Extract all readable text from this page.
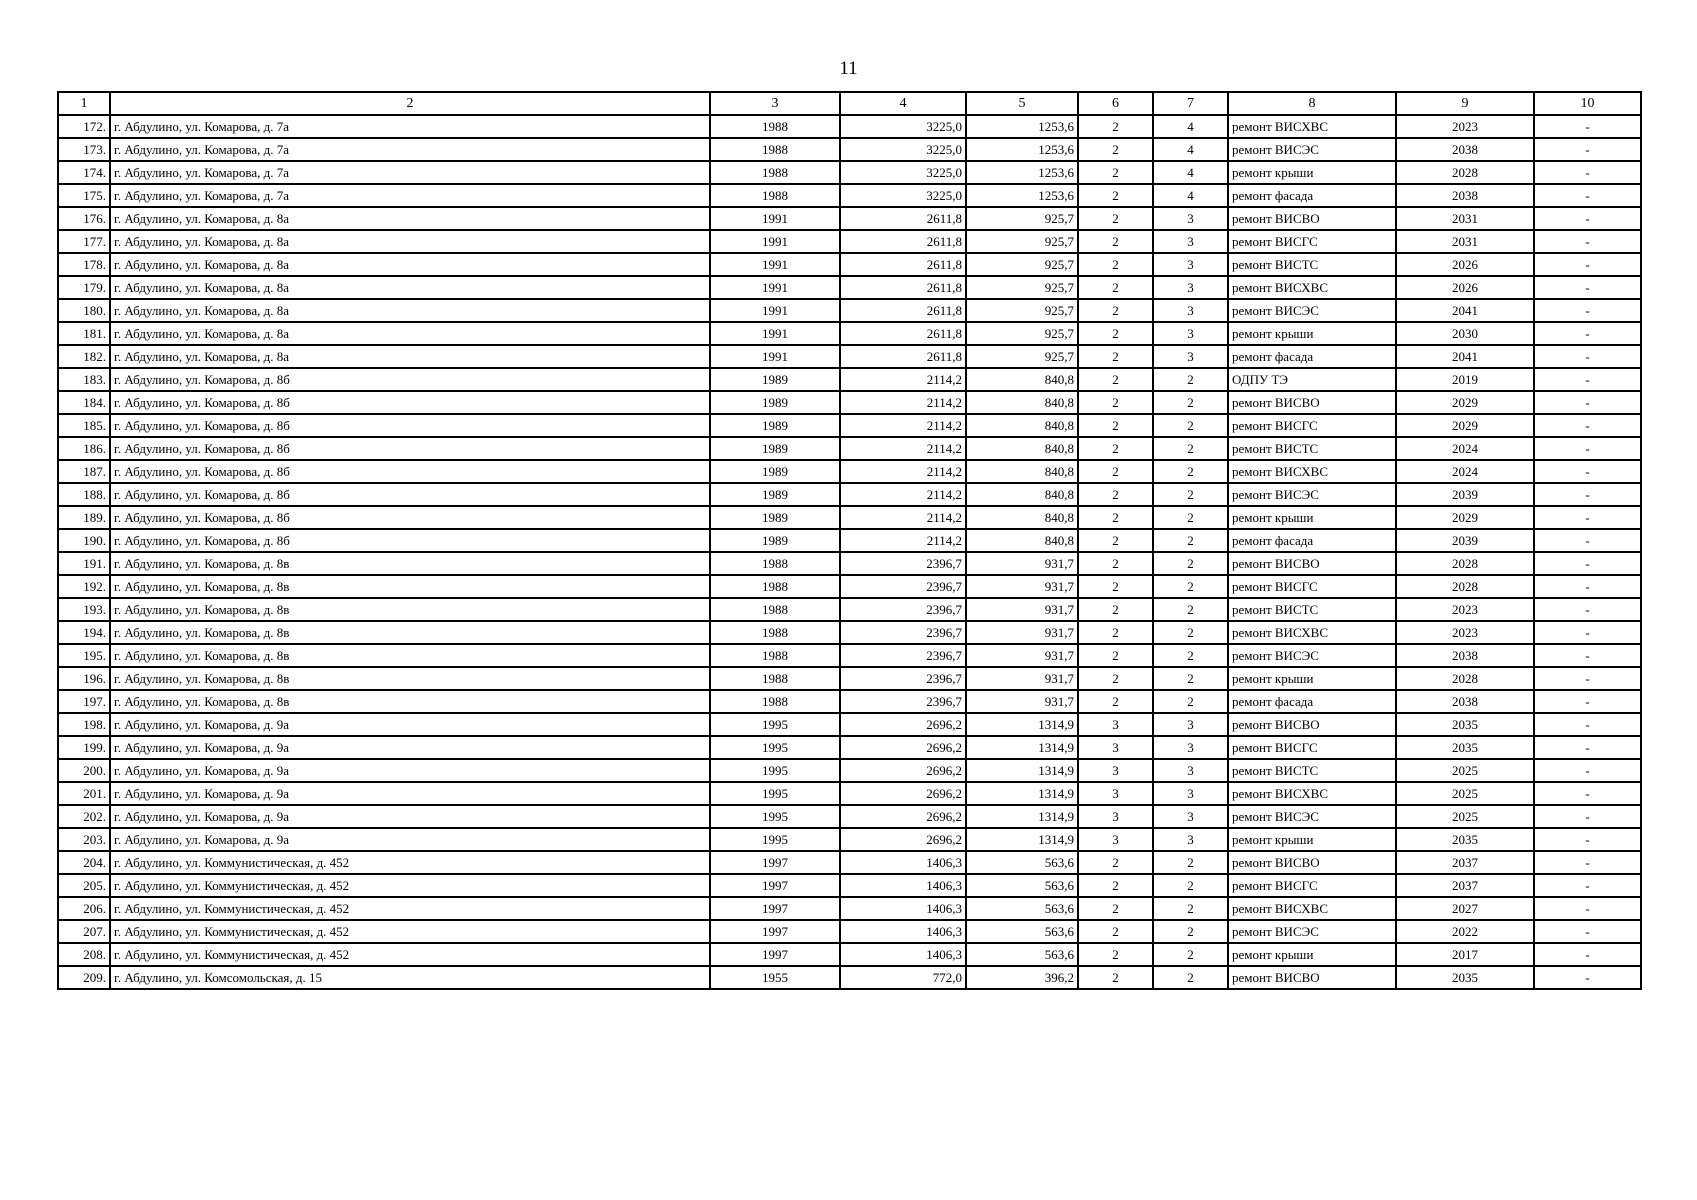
11
1	2	3	4	5	6	7	8	9	10
172.	г. Абдулино, ул. Комарова, д. 7а	1988	3225,0	1253,6	2	4	ремонт ВИСХВС	2023	-
173.	г. Абдулино, ул. Комарова, д. 7а	1988	3225,0	1253,6	2	4	ремонт ВИСЭС	2038	-
174.	г. Абдулино, ул. Комарова, д. 7а	1988	3225,0	1253,6	2	4	ремонт крыши	2028	-
175.	г. Абдулино, ул. Комарова, д. 7а	1988	3225,0	1253,6	2	4	ремонт фасада	2038	-
176.	г. Абдулино, ул. Комарова, д. 8а	1991	2611,8	925,7	2	3	ремонт ВИСВО	2031	-
177.	г. Абдулино, ул. Комарова, д. 8а	1991	2611,8	925,7	2	3	ремонт ВИСГС	2031	-
178.	г. Абдулино, ул. Комарова, д. 8а	1991	2611,8	925,7	2	3	ремонт ВИСТС	2026	-
179.	г. Абдулино, ул. Комарова, д. 8а	1991	2611,8	925,7	2	3	ремонт ВИСХВС	2026	-
180.	г. Абдулино, ул. Комарова, д. 8а	1991	2611,8	925,7	2	3	ремонт ВИСЭС	2041	-
181.	г. Абдулино, ул. Комарова, д. 8а	1991	2611,8	925,7	2	3	ремонт крыши	2030	-
182.	г. Абдулино, ул. Комарова, д. 8а	1991	2611,8	925,7	2	3	ремонт фасада	2041	-
183.	г. Абдулино, ул. Комарова, д. 8б	1989	2114,2	840,8	2	2	ОДПУ ТЭ	2019	-
184.	г. Абдулино, ул. Комарова, д. 8б	1989	2114,2	840,8	2	2	ремонт ВИСВО	2029	-
185.	г. Абдулино, ул. Комарова, д. 8б	1989	2114,2	840,8	2	2	ремонт ВИСГС	2029	-
186.	г. Абдулино, ул. Комарова, д. 8б	1989	2114,2	840,8	2	2	ремонт ВИСТС	2024	-
187.	г. Абдулино, ул. Комарова, д. 8б	1989	2114,2	840,8	2	2	ремонт ВИСХВС	2024	-
188.	г. Абдулино, ул. Комарова, д. 8б	1989	2114,2	840,8	2	2	ремонт ВИСЭС	2039	-
189.	г. Абдулино, ул. Комарова, д. 8б	1989	2114,2	840,8	2	2	ремонт крыши	2029	-
190.	г. Абдулино, ул. Комарова, д. 8б	1989	2114,2	840,8	2	2	ремонт фасада	2039	-
191.	г. Абдулино, ул. Комарова, д. 8в	1988	2396,7	931,7	2	2	ремонт ВИСВО	2028	-
192.	г. Абдулино, ул. Комарова, д. 8в	1988	2396,7	931,7	2	2	ремонт ВИСГС	2028	-
193.	г. Абдулино, ул. Комарова, д. 8в	1988	2396,7	931,7	2	2	ремонт ВИСТС	2023	-
194.	г. Абдулино, ул. Комарова, д. 8в	1988	2396,7	931,7	2	2	ремонт ВИСХВС	2023	-
195.	г. Абдулино, ул. Комарова, д. 8в	1988	2396,7	931,7	2	2	ремонт ВИСЭС	2038	-
196.	г. Абдулино, ул. Комарова, д. 8в	1988	2396,7	931,7	2	2	ремонт крыши	2028	-
197.	г. Абдулино, ул. Комарова, д. 8в	1988	2396,7	931,7	2	2	ремонт фасада	2038	-
198.	г. Абдулино, ул. Комарова, д. 9а	1995	2696,2	1314,9	3	3	ремонт ВИСВО	2035	-
199.	г. Абдулино, ул. Комарова, д. 9а	1995	2696,2	1314,9	3	3	ремонт ВИСГС	2035	-
200.	г. Абдулино, ул. Комарова, д. 9а	1995	2696,2	1314,9	3	3	ремонт ВИСТС	2025	-
201.	г. Абдулино, ул. Комарова, д. 9а	1995	2696,2	1314,9	3	3	ремонт ВИСХВС	2025	-
202.	г. Абдулино, ул. Комарова, д. 9а	1995	2696,2	1314,9	3	3	ремонт ВИСЭС	2025	-
203.	г. Абдулино, ул. Комарова, д. 9а	1995	2696,2	1314,9	3	3	ремонт крыши	2035	-
204.	г. Абдулино, ул. Коммунистическая, д. 452	1997	1406,3	563,6	2	2	ремонт ВИСВО	2037	-
205.	г. Абдулино, ул. Коммунистическая, д. 452	1997	1406,3	563,6	2	2	ремонт ВИСГС	2037	-
206.	г. Абдулино, ул. Коммунистическая, д. 452	1997	1406,3	563,6	2	2	ремонт ВИСХВС	2027	-
207.	г. Абдулино, ул. Коммунистическая, д. 452	1997	1406,3	563,6	2	2	ремонт ВИСЭС	2022	-
208.	г. Абдулино, ул. Коммунистическая, д. 452	1997	1406,3	563,6	2	2	ремонт крыши	2017	-
209.	г. Абдулино, ул. Комсомольская, д. 15	1955	772,0	396,2	2	2	ремонт ВИСВО	2035	-
